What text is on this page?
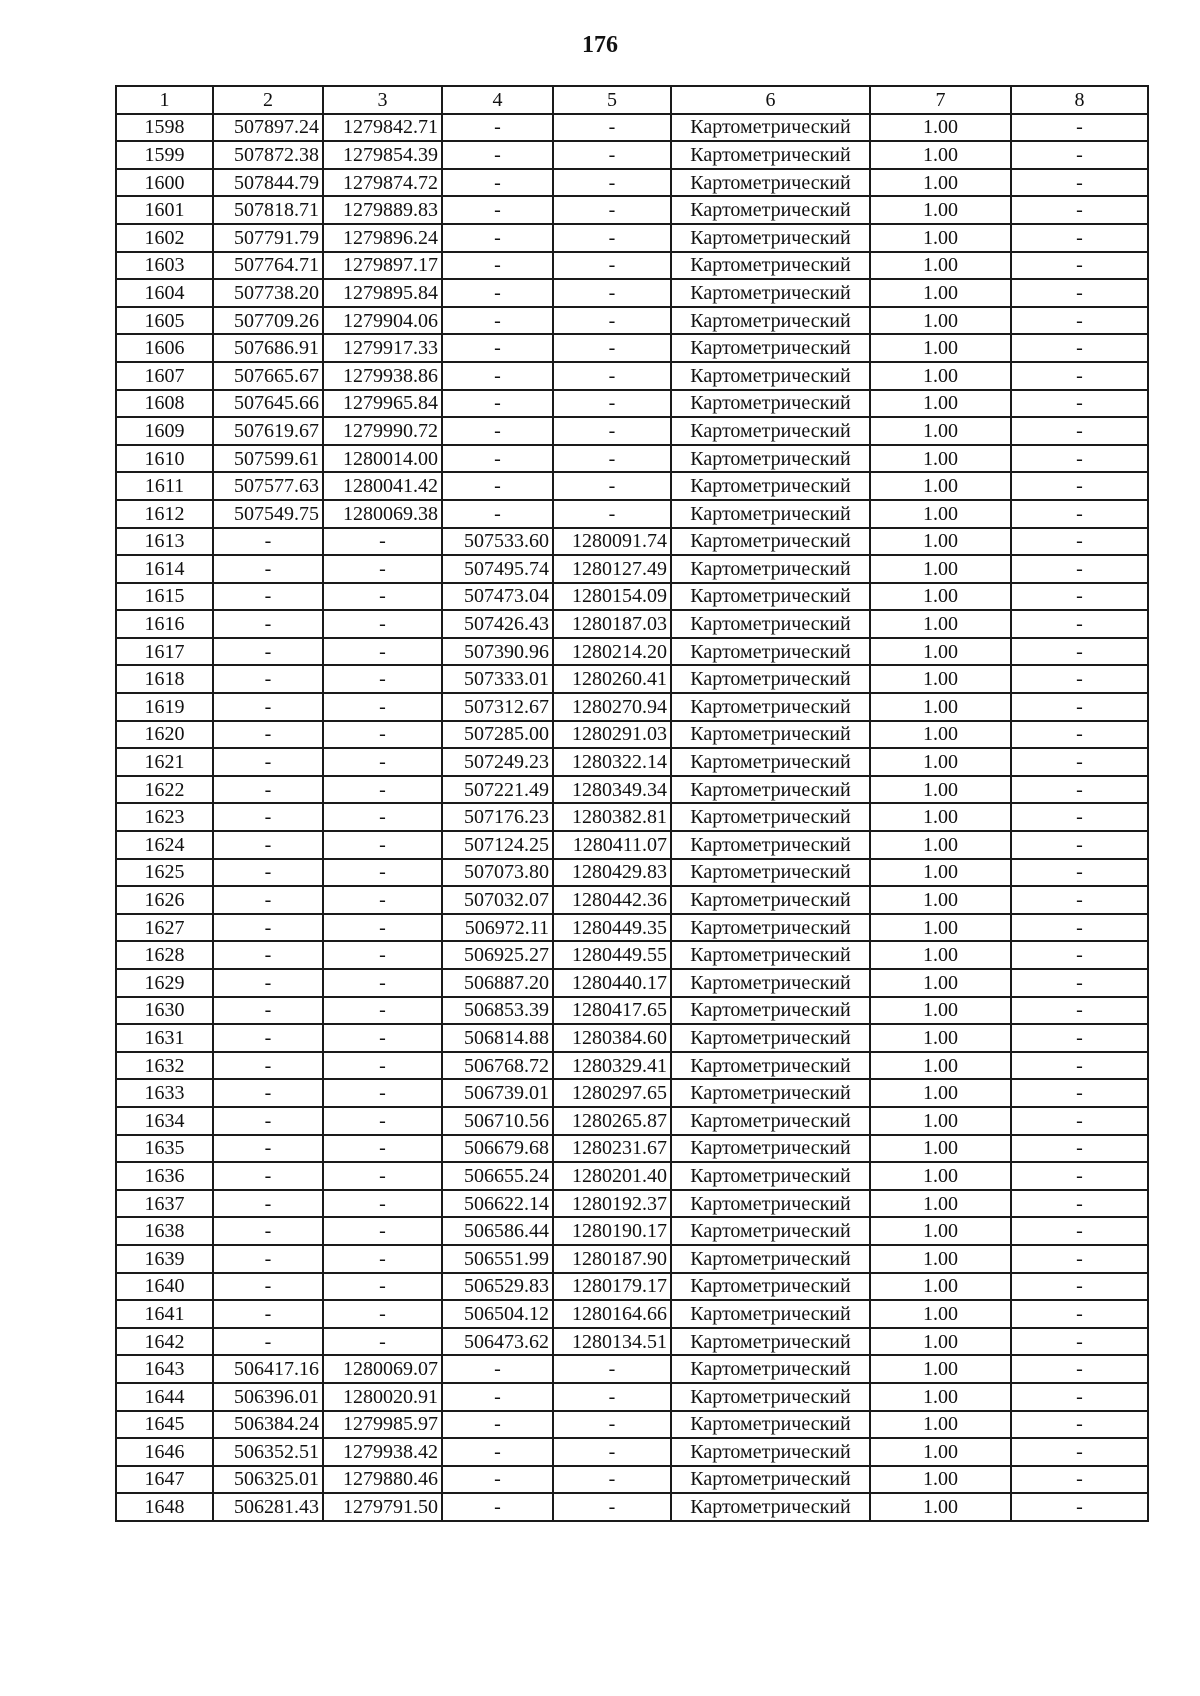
176
1	2	3	4	5	6	7	8
1598	507897.24	1279842.71	-	-	Картометрический	1.00	-
1599	507872.38	1279854.39	-	-	Картометрический	1.00	-
1600	507844.79	1279874.72	-	-	Картометрический	1.00	-
1601	507818.71	1279889.83	-	-	Картометрический	1.00	-
1602	507791.79	1279896.24	-	-	Картометрический	1.00	-
1603	507764.71	1279897.17	-	-	Картометрический	1.00	-
1604	507738.20	1279895.84	-	-	Картометрический	1.00	-
1605	507709.26	1279904.06	-	-	Картометрический	1.00	-
1606	507686.91	1279917.33	-	-	Картометрический	1.00	-
1607	507665.67	1279938.86	-	-	Картометрический	1.00	-
1608	507645.66	1279965.84	-	-	Картометрический	1.00	-
1609	507619.67	1279990.72	-	-	Картометрический	1.00	-
1610	507599.61	1280014.00	-	-	Картометрический	1.00	-
1611	507577.63	1280041.42	-	-	Картометрический	1.00	-
1612	507549.75	1280069.38	-	-	Картометрический	1.00	-
1613	-	-	507533.60	1280091.74	Картометрический	1.00	-
1614	-	-	507495.74	1280127.49	Картометрический	1.00	-
1615	-	-	507473.04	1280154.09	Картометрический	1.00	-
1616	-	-	507426.43	1280187.03	Картометрический	1.00	-
1617	-	-	507390.96	1280214.20	Картометрический	1.00	-
1618	-	-	507333.01	1280260.41	Картометрический	1.00	-
1619	-	-	507312.67	1280270.94	Картометрический	1.00	-
1620	-	-	507285.00	1280291.03	Картометрический	1.00	-
1621	-	-	507249.23	1280322.14	Картометрический	1.00	-
1622	-	-	507221.49	1280349.34	Картометрический	1.00	-
1623	-	-	507176.23	1280382.81	Картометрический	1.00	-
1624	-	-	507124.25	1280411.07	Картометрический	1.00	-
1625	-	-	507073.80	1280429.83	Картометрический	1.00	-
1626	-	-	507032.07	1280442.36	Картометрический	1.00	-
1627	-	-	506972.11	1280449.35	Картометрический	1.00	-
1628	-	-	506925.27	1280449.55	Картометрический	1.00	-
1629	-	-	506887.20	1280440.17	Картометрический	1.00	-
1630	-	-	506853.39	1280417.65	Картометрический	1.00	-
1631	-	-	506814.88	1280384.60	Картометрический	1.00	-
1632	-	-	506768.72	1280329.41	Картометрический	1.00	-
1633	-	-	506739.01	1280297.65	Картометрический	1.00	-
1634	-	-	506710.56	1280265.87	Картометрический	1.00	-
1635	-	-	506679.68	1280231.67	Картометрический	1.00	-
1636	-	-	506655.24	1280201.40	Картометрический	1.00	-
1637	-	-	506622.14	1280192.37	Картометрический	1.00	-
1638	-	-	506586.44	1280190.17	Картометрический	1.00	-
1639	-	-	506551.99	1280187.90	Картометрический	1.00	-
1640	-	-	506529.83	1280179.17	Картометрический	1.00	-
1641	-	-	506504.12	1280164.66	Картометрический	1.00	-
1642	-	-	506473.62	1280134.51	Картометрический	1.00	-
1643	506417.16	1280069.07	-	-	Картометрический	1.00	-
1644	506396.01	1280020.91	-	-	Картометрический	1.00	-
1645	506384.24	1279985.97	-	-	Картометрический	1.00	-
1646	506352.51	1279938.42	-	-	Картометрический	1.00	-
1647	506325.01	1279880.46	-	-	Картометрический	1.00	-
1648	506281.43	1279791.50	-	-	Картометрический	1.00	-
